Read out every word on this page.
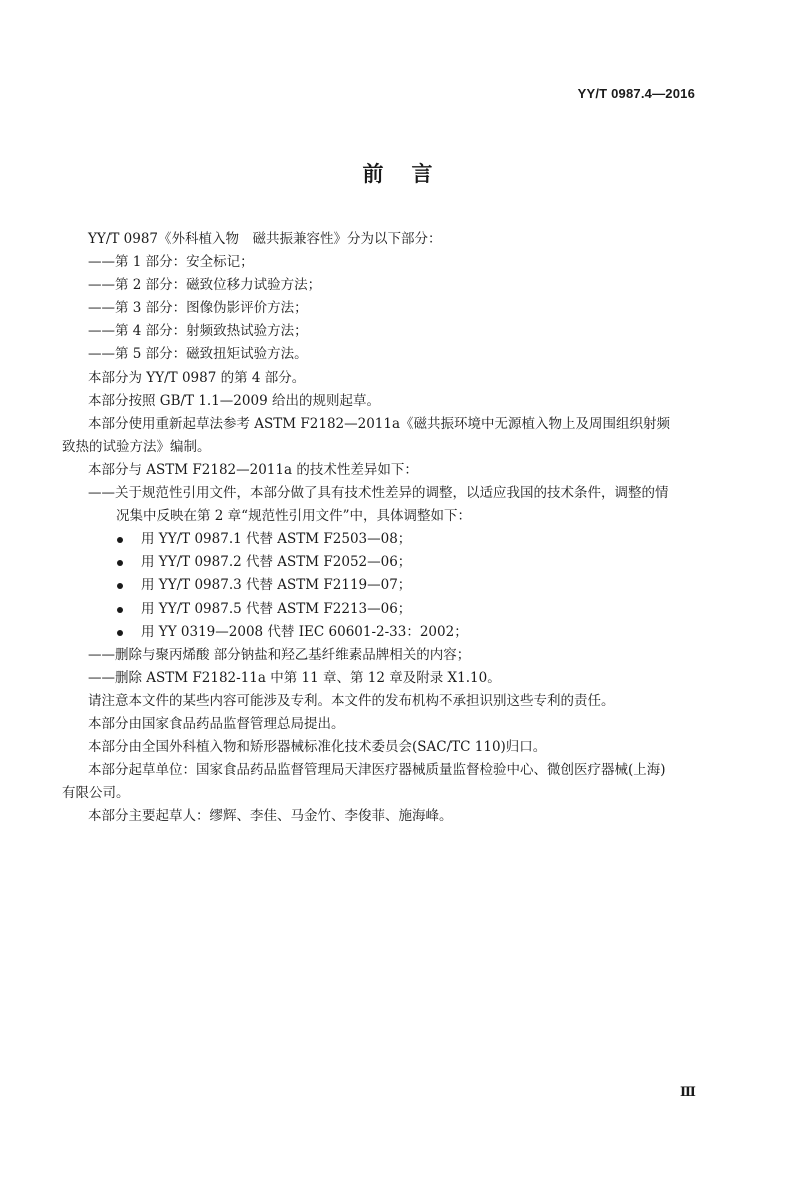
YY/T 0987.4—2016
前言

YY/T 0987《外科植入物　磁共振兼容性》分为以下部分：

——第 1 部分：安全标记；

——第 2 部分：磁致位移力试验方法；

——第 3 部分：图像伪影评价方法；

——第 4 部分：射频致热试验方法；

——第 5 部分：磁致扭矩试验方法。

本部分为 YY/T 0987 的第 4 部分。

本部分按照 GB/T 1.1—2009 给出的规则起草。

本部分使用重新起草法参考 ASTM F2182—2011a《磁共振环境中无源植入物上及周围组织射频

致热的试验方法》编制。

本部分与 ASTM F2182—2011a 的技术性差异如下：

——关于规范性引用文件，本部分做了具有技术性差异的调整，以适应我国的技术条件，调整的情

况集中反映在第 2 章“规范性引用文件”中，具体调整如下：

用 YY/T 0987.1 代替 ASTM F2503—08；
用 YY/T 0987.2 代替 ASTM F2052—06；
用 YY/T 0987.3 代替 ASTM F2119—07；
用 YY/T 0987.5 代替 ASTM F2213—06；
用 YY 0319—2008 代替 IEC 60601-2-33：2002；

——删除与聚丙烯酸 部分钠盐和羟乙基纤维素品牌相关的内容；

——删除 ASTM F2182-11a 中第 11 章、第 12 章及附录 X1.10。

请注意本文件的某些内容可能涉及专利。本文件的发布机构不承担识别这些专利的责任。

本部分由国家食品药品监督管理总局提出。

本部分由全国外科植入物和矫形器械标准化技术委员会(SAC/TC 110)归口。

本部分起草单位：国家食品药品监督管理局天津医疗器械质量监督检验中心、微创医疗器械(上海)

有限公司。

本部分主要起草人：缪辉、李佳、马金竹、李俊菲、施海峰。

Ⅲ
